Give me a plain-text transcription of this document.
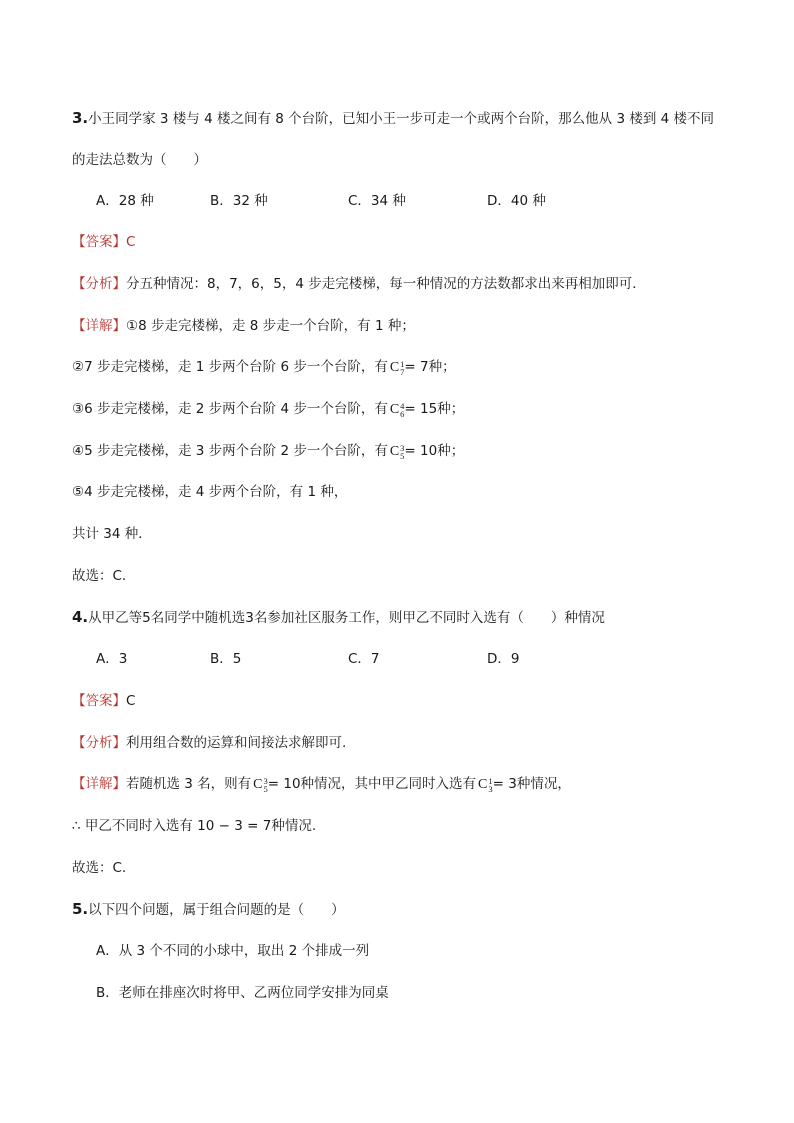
3.小王同学家 3 楼与 4 楼之间有 8 个台阶，已知小王一步可走一个或两个台阶，那么他从 3 楼到 4 楼不同
的走法总数为（　　）
A．28 种	B．32 种	C．34 种	D．40 种
【答案】C
【分析】分五种情况：8，7，6，5，4 步走完楼梯，每一种情况的方法数都求出来再相加即可．
【详解】①8 步走完楼梯，走 8 步走一个台阶，有 1 种；
②7 步走完楼梯，走 1 步两个台阶 6 步一个台阶，有 C 1
7 = 7种；
③6 步走完楼梯，走 2 步两个台阶 4 步一个台阶，有 C 4
6 = 15种；
④5 步走完楼梯，走 3 步两个台阶 2 步一个台阶，有 C 3
5 = 10种；
⑤4 步走完楼梯，走 4 步两个台阶，有 1 种，
共计 34 种．
故选：C．
4.从甲乙等5名同学中随机选3名参加社区服务工作，则甲乙不同时入选有（　　）种情况
A．3	B．5	C．7	D．9
【答案】C
【分析】利用组合数的运算和间接法求解即可.
【详解】若随机选 3 名，则有 C 3
5 = 10种情况，其中甲乙同时入选有 C 1
3 = 3种情况，
∴ 甲乙不同时入选有 10 − 3 = 7种情况.
故选：C.
5.以下四个问题，属于组合问题的是（　　）
A．从 3 个不同的小球中，取出 2 个排成一列
B．老师在排座次时将甲、乙两位同学安排为同桌
